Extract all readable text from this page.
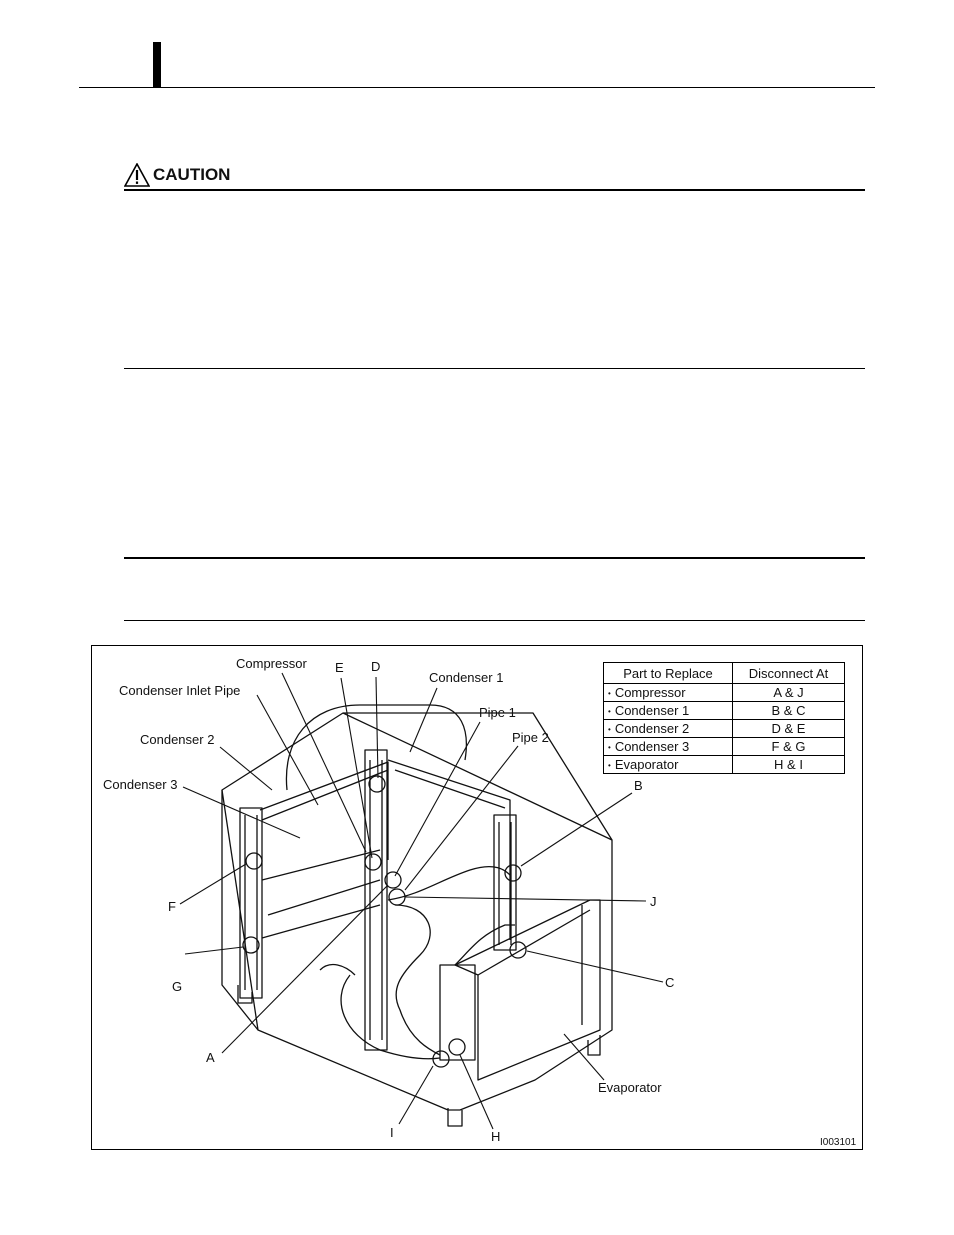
CAUTION
Compressor
Condenser Inlet Pipe
Condenser 2
Condenser 3
E D
Condenser 1
Pipe 1
Pipe 2
B
F	J
G	C
A
Evaporator
I	H	I003101
Part to Replace	Disconnect At
• Compressor	A & J
• Condenser 1	B & C
• Condenser 2	D & E
• Condenser 3	F & G
• Evaporator	H & I
